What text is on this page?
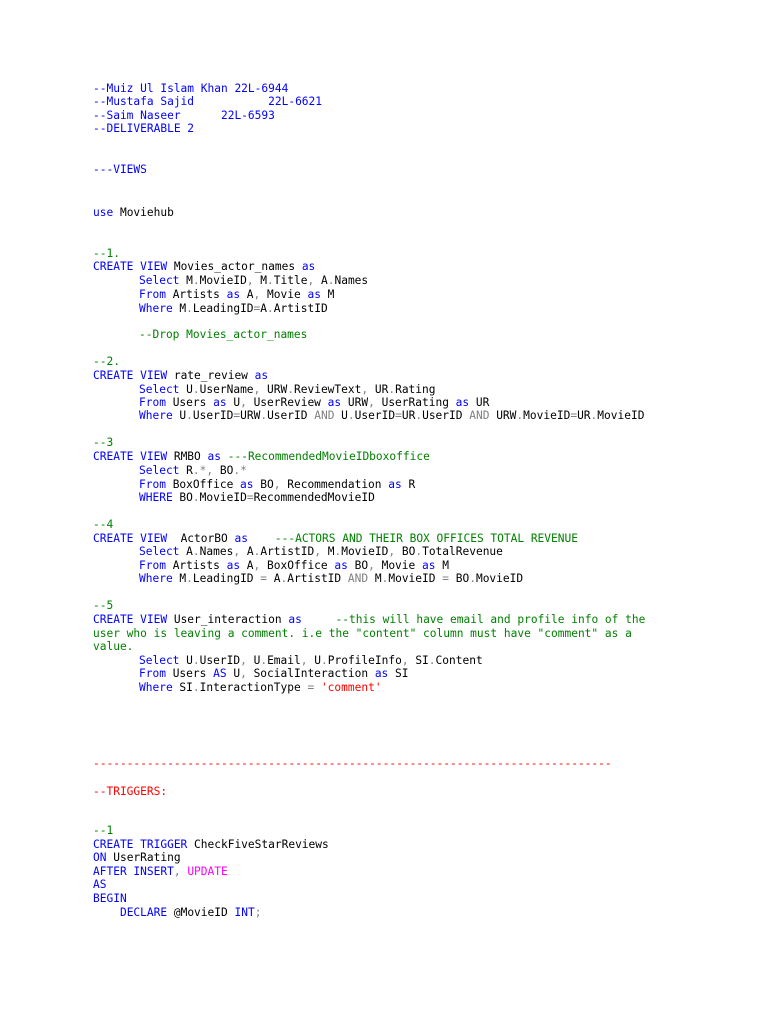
--Muiz Ul Islam Khan 22L-6944
--Mustafa Sajid           22L-6621
--Saim Naseer      22L-6593
--DELIVERABLE 2
---VIEWS
use Moviehub
--1.
CREATE VIEW Movies_actor_names as
Select M.MovieID, M.Title, A.Names
From Artists as A, Movie as M
Where M.LeadingID=A.ArtistID
--Drop Movies_actor_names
--2.
CREATE VIEW rate_review as
Select U.UserName, URW.ReviewText, UR.Rating
From Users as U, UserReview as URW, UserRating as UR
Where U.UserID=URW.UserID AND U.UserID=UR.UserID AND URW.MovieID=UR.MovieID
--3
CREATE VIEW RMBO as ---RecommendedMovieIDboxoffice
Select R.*, BO.*
From BoxOffice as BO, Recommendation as R
WHERE BO.MovieID=RecommendedMovieID
--4
CREATE VIEW  ActorBO as    ---ACTORS AND THEIR BOX OFFICES TOTAL REVENUE
Select A.Names, A.ArtistID, M.MovieID, BO.TotalRevenue
From Artists as A, BoxOffice as BO, Movie as M
Where M.LeadingID = A.ArtistID AND M.MovieID = BO.MovieID
--5
CREATE VIEW User_interaction as     --this will have email and profile info of the user who is leaving a comment. i.e the "content" column must have "comment" as a value.
Select U.UserID, U.Email, U.ProfileInfo, SI.Content
From Users AS U, SocialInteraction as SI
Where SI.InteractionType = 'comment'
-----------------------------------------------------------------------------
--TRIGGERS:
--1
CREATE TRIGGER CheckFiveStarReviews
ON UserRating
AFTER INSERT, UPDATE
AS
BEGIN
DECLARE @MovieID INT;
